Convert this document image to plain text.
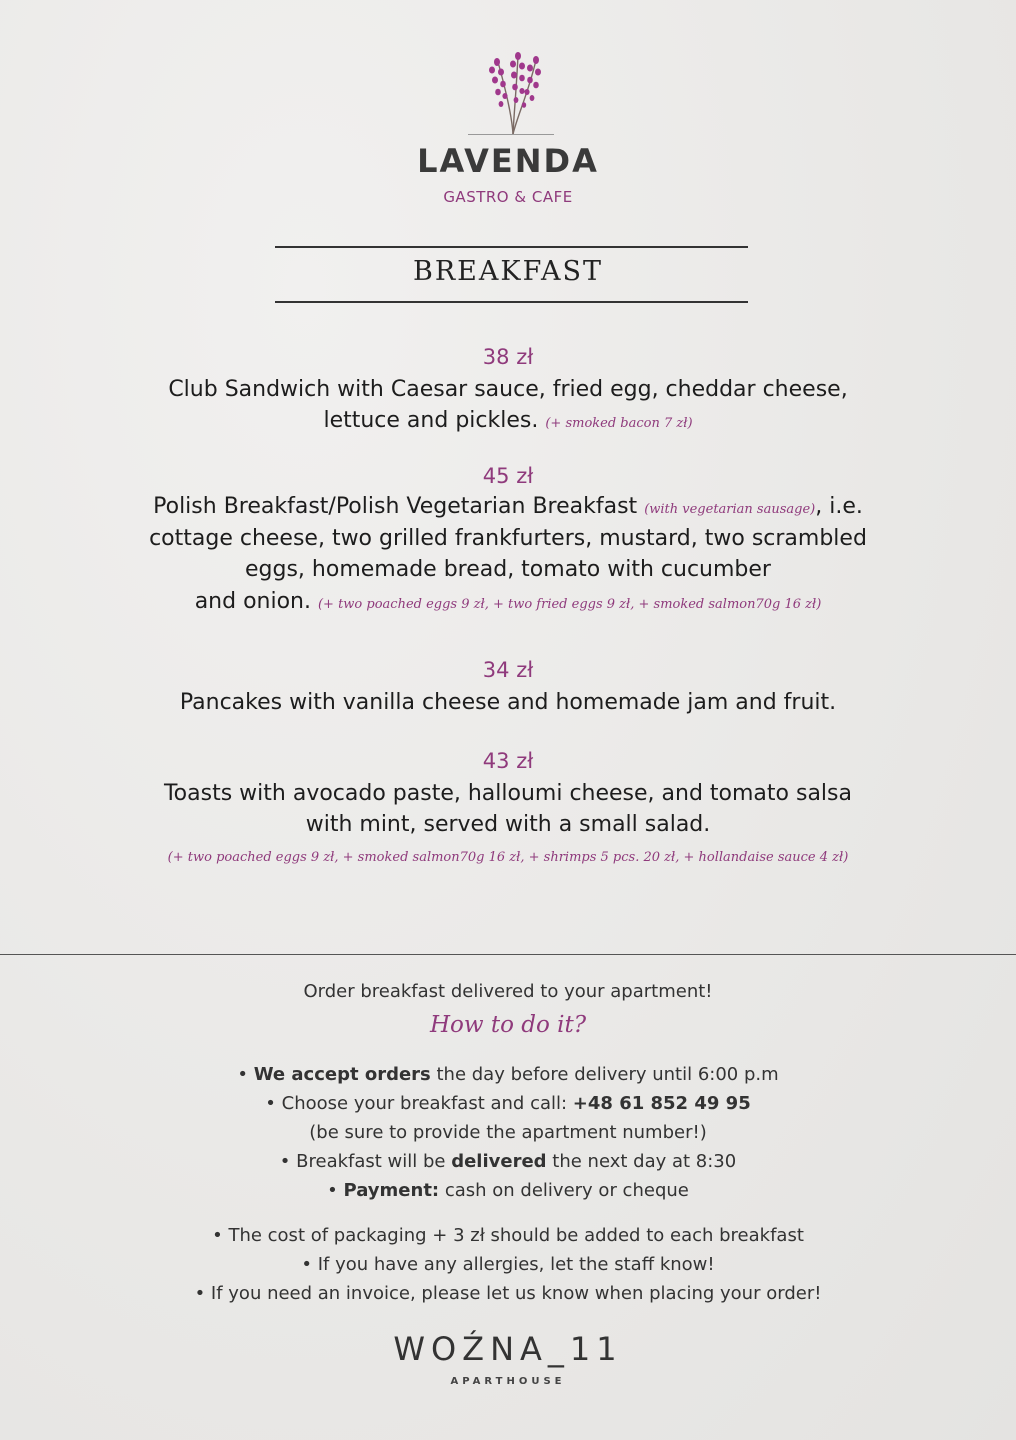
LAVENDA
GASTRO & CAFE
BREAKFAST
38 zł
Club Sandwich with Caesar sauce, fried egg, cheddar cheese,
lettuce and pickles. (+ smoked bacon 7 zł)
45 zł
Polish Breakfast/Polish Vegetarian Breakfast (with vegetarian sausage), i.e.
cottage cheese, two grilled frankfurters, mustard, two scrambled
eggs, homemade bread, tomato with cucumber
and onion. (+ two poached eggs 9 zł, + two fried eggs 9 zł, + smoked salmon70g 16 zł)
34 zł
Pancakes with vanilla cheese and homemade jam and fruit.
43 zł
Toasts with avocado paste, halloumi cheese, and tomato salsa
with mint, served with a small salad.
(+ two poached eggs 9 zł, + smoked salmon70g 16 zł, + shrimps 5 pcs. 20 zł, + hollandaise sauce 4 zł)
Order breakfast delivered to your apartment!
How to do it?
• We accept orders the day before delivery until 6:00 p.m
• Choose your breakfast and call: +48 61 852 49 95
(be sure to provide the apartment number!)
• Breakfast will be delivered the next day at 8:30
• Payment: cash on delivery or cheque
• The cost of packaging + 3 zł should be added to each breakfast
• If you have any allergies, let the staff know!
• If you need an invoice, please let us know when placing your order!
WOŹNA_11
APARTHOUSE
